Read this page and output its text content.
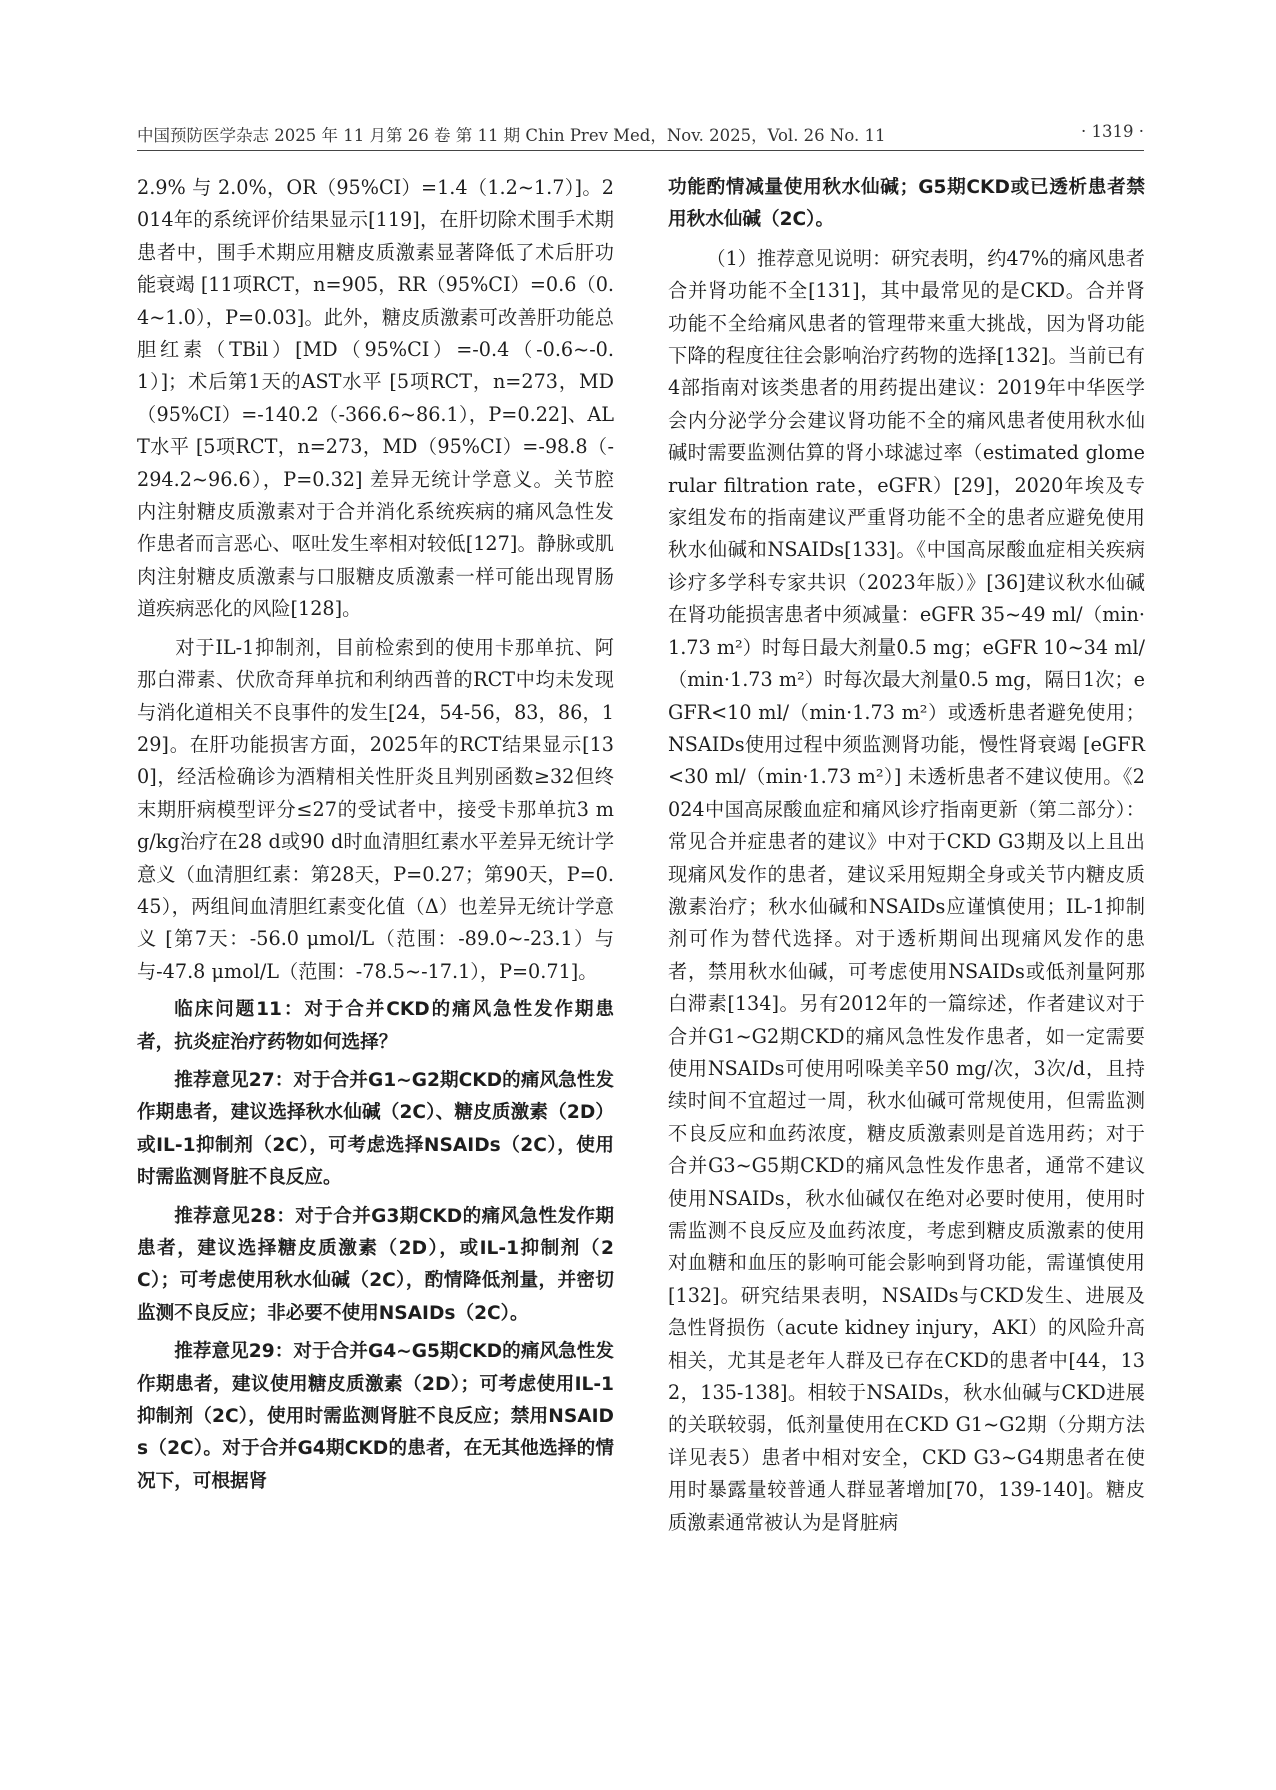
中国预防医学杂志 2025 年 11 月第 26 卷 第 11 期 Chin Prev Med，Nov. 2025，Vol. 26 No. 11	· 1319 ·

2.9% 与 2.0%，OR（95%CI）=1.4（1.2~1.7）]。2014年的系统评价结果显示[119]，在肝切除术围手术期患者中，围手术期应用糖皮质激素显著降低了术后肝功能衰竭 [11项RCT，n=905，RR（95%CI）=0.6（0.4~1.0），P=0.03]。此外，糖皮质激素可改善肝功能总胆红素（TBil）[MD（95%CI）=-0.4（-0.6~-0.1）]；术后第1天的AST水平 [5项RCT，n=273，MD（95%CI）=-140.2（-366.6~86.1），P=0.22]、ALT水平 [5项RCT，n=273，MD（95%CI）=-98.8（-294.2~96.6），P=0.32] 差异无统计学意义。关节腔内注射糖皮质激素对于合并消化系统疾病的痛风急性发作患者而言恶心、呕吐发生率相对较低[127]。静脉或肌肉注射糖皮质激素与口服糖皮质激素一样可能出现胃肠道疾病恶化的风险[128]。

对于IL-1抑制剂，目前检索到的使用卡那单抗、阿那白滞素、伏欣奇拜单抗和利纳西普的RCT中均未发现与消化道相关不良事件的发生[24，54-56，83，86，129]。在肝功能损害方面，2025年的RCT结果显示[130]，经活检确诊为酒精相关性肝炎且判别函数≥32但终末期肝病模型评分≤27的受试者中，接受卡那单抗3 mg/kg治疗在28 d或90 d时血清胆红素水平差异无统计学意义（血清胆红素：第28天，P=0.27；第90天，P=0.45），两组间血清胆红素变化值（Δ）也差异无统计学意义 [第7天：-56.0 μmol/L（范围：-89.0~-23.1）与与-47.8 μmol/L（范围：-78.5~-17.1），P=0.71]。

临床问题11：对于合并CKD的痛风急性发作期患者，抗炎症治疗药物如何选择？

推荐意见27：对于合并G1~G2期CKD的痛风急性发作期患者，建议选择秋水仙碱（2C）、糖皮质激素（2D）或IL-1抑制剂（2C），可考虑选择NSAIDs（2C），使用时需监测肾脏不良反应。

推荐意见28：对于合并G3期CKD的痛风急性发作期患者，建议选择糖皮质激素（2D），或IL-1抑制剂（2C）；可考虑使用秋水仙碱（2C），酌情降低剂量，并密切监测不良反应；非必要不使用NSAIDs（2C）。

推荐意见29：对于合并G4~G5期CKD的痛风急性发作期患者，建议使用糖皮质激素（2D）；可考虑使用IL-1抑制剂（2C），使用时需监测肾脏不良反应；禁用NSAIDs（2C）。对于合并G4期CKD的患者，在无其他选择的情况下，可根据肾

功能酌情减量使用秋水仙碱；G5期CKD或已透析患者禁用秋水仙碱（2C）。

（1）推荐意见说明：研究表明，约47%的痛风患者合并肾功能不全[131]，其中最常见的是CKD。合并肾功能不全给痛风患者的管理带来重大挑战，因为肾功能下降的程度往往会影响治疗药物的选择[132]。当前已有4部指南对该类患者的用药提出建议：2019年中华医学会内分泌学分会建议肾功能不全的痛风患者使用秋水仙碱时需要监测估算的肾小球滤过率（estimated glomerular filtration rate，eGFR）[29]，2020年埃及专家组发布的指南建议严重肾功能不全的患者应避免使用秋水仙碱和NSAIDs[133]。《中国高尿酸血症相关疾病诊疗多学科专家共识（2023年版）》[36]建议秋水仙碱在肾功能损害患者中须减量：eGFR 35~49 ml/（min·1.73 m²）时每日最大剂量0.5 mg；eGFR 10~34 ml/（min·1.73 m²）时每次最大剂量0.5 mg，隔日1次；eGFR<10 ml/（min·1.73 m²）或透析患者避免使用；NSAIDs使用过程中须监测肾功能，慢性肾衰竭 [eGFR<30 ml/（min·1.73 m²）] 未透析患者不建议使用。《2024中国高尿酸血症和痛风诊疗指南更新（第二部分）：常见合并症患者的建议》中对于CKD G3期及以上且出现痛风发作的患者，建议采用短期全身或关节内糖皮质激素治疗；秋水仙碱和NSAIDs应谨慎使用；IL-1抑制剂可作为替代选择。对于透析期间出现痛风发作的患者，禁用秋水仙碱，可考虑使用NSAIDs或低剂量阿那白滞素[134]。另有2012年的一篇综述，作者建议对于合并G1~G2期CKD的痛风急性发作患者，如一定需要使用NSAIDs可使用吲哚美辛50 mg/次，3次/d，且持续时间不宜超过一周，秋水仙碱可常规使用，但需监测不良反应和血药浓度，糖皮质激素则是首选用药；对于合并G3~G5期CKD的痛风急性发作患者，通常不建议使用NSAIDs，秋水仙碱仅在绝对必要时使用，使用时需监测不良反应及血药浓度，考虑到糖皮质激素的使用对血糖和血压的影响可能会影响到肾功能，需谨慎使用[132]。研究结果表明，NSAIDs与CKD发生、进展及急性肾损伤（acute kidney injury，AKI）的风险升高相关，尤其是老年人群及已存在CKD的患者中[44，132，135-138]。相较于NSAIDs，秋水仙碱与CKD进展的关联较弱，低剂量使用在CKD G1~G2期（分期方法详见表5）患者中相对安全，CKD G3~G4期患者在使用时暴露量较普通人群显著增加[70，139-140]。糖皮质激素通常被认为是肾脏病
